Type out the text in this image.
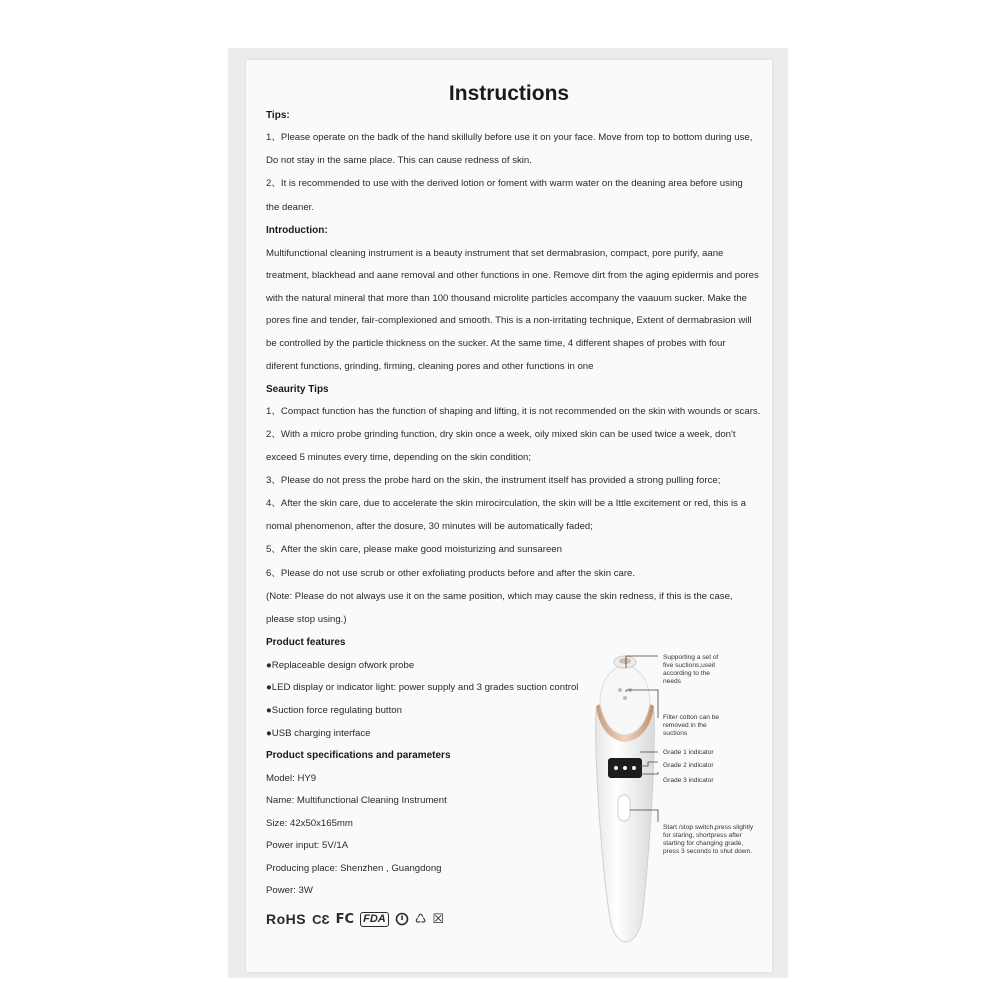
Instructions
Tips:
1、Please operate on the badk of the hand skillully before use it on your face. Move from top to bottom during use,
Do not stay in the same place. This can cause redness of skin.
2、It is recommended to use with the derived lotion or foment with warm water on the deaning area before using
the deaner.
Introduction:
Multifunctional cleaning instrument is a beauty instrument that set dermabrasion, compact, pore purify, aane
treatment, blackhead and aane removal and other functions in one. Remove dirt from the aging epidermis and pores
with the natural mineral that more than 100 thousand microlite particles accompany the vaauum sucker. Make the
pores fine and tender, fair-complexioned and smooth. This is a non-irritating technique, Extent of dermabrasion will
be controlled by the particle thickness on the sucker. At the same time, 4 different shapes of probes with four
diferent functions, grinding, firming, cleaning pores and other functions in one
Seaurity Tips
1、Compact function has the function of shaping and lifting, it is not recommended on the skin with wounds or scars.
2、With a micro probe grinding function, dry skin once a week, oily mixed skin can be used twice a week, don't
exceed 5 minutes every time, depending on the skin condition;
3、Please do not press the probe hard on the skin, the instrument itself has provided a strong pulling force;
4、After the skin care, due to accelerate the skin mirocirculation, the skin will be a Ittle excitement or red, this is a
nomal phenomenon, after the dosure, 30 minutes will be automatically faded;
5、After the skin care, please make good moisturizing and sunsareen
6、Please do not use scrub or other exfoliating products before and after the skin care.
(Note: Please do not always use it on the same position, which may cause the skin redness, if this is the case,
please stop using.)
Product features
●Replaceable design ofwork probe
●LED display or indicator light: power supply and 3 grades suction control
●Suction force regulating button
●USB charging interface
Product specifications and parameters
Model: HY9
Name: Multifunctional Cleaning Instrument
Size: 42x50x165mm
Power input: 5V/1A
Producing place: Shenzhen , Guangdong
Power: 3W
RoHS CƐ FC FDA ♺ ☒
Supporting a set of
five suctions,useit
according to the
needs
Filter cotton can be
removed in the
suctions
Grade 1 indicator
Grade 2 indicator
Grade 3 indicator
Start /stop switch,press slightly
for staring, shortpress after
starting for changing grade,
press 3 seconds to shut down.
